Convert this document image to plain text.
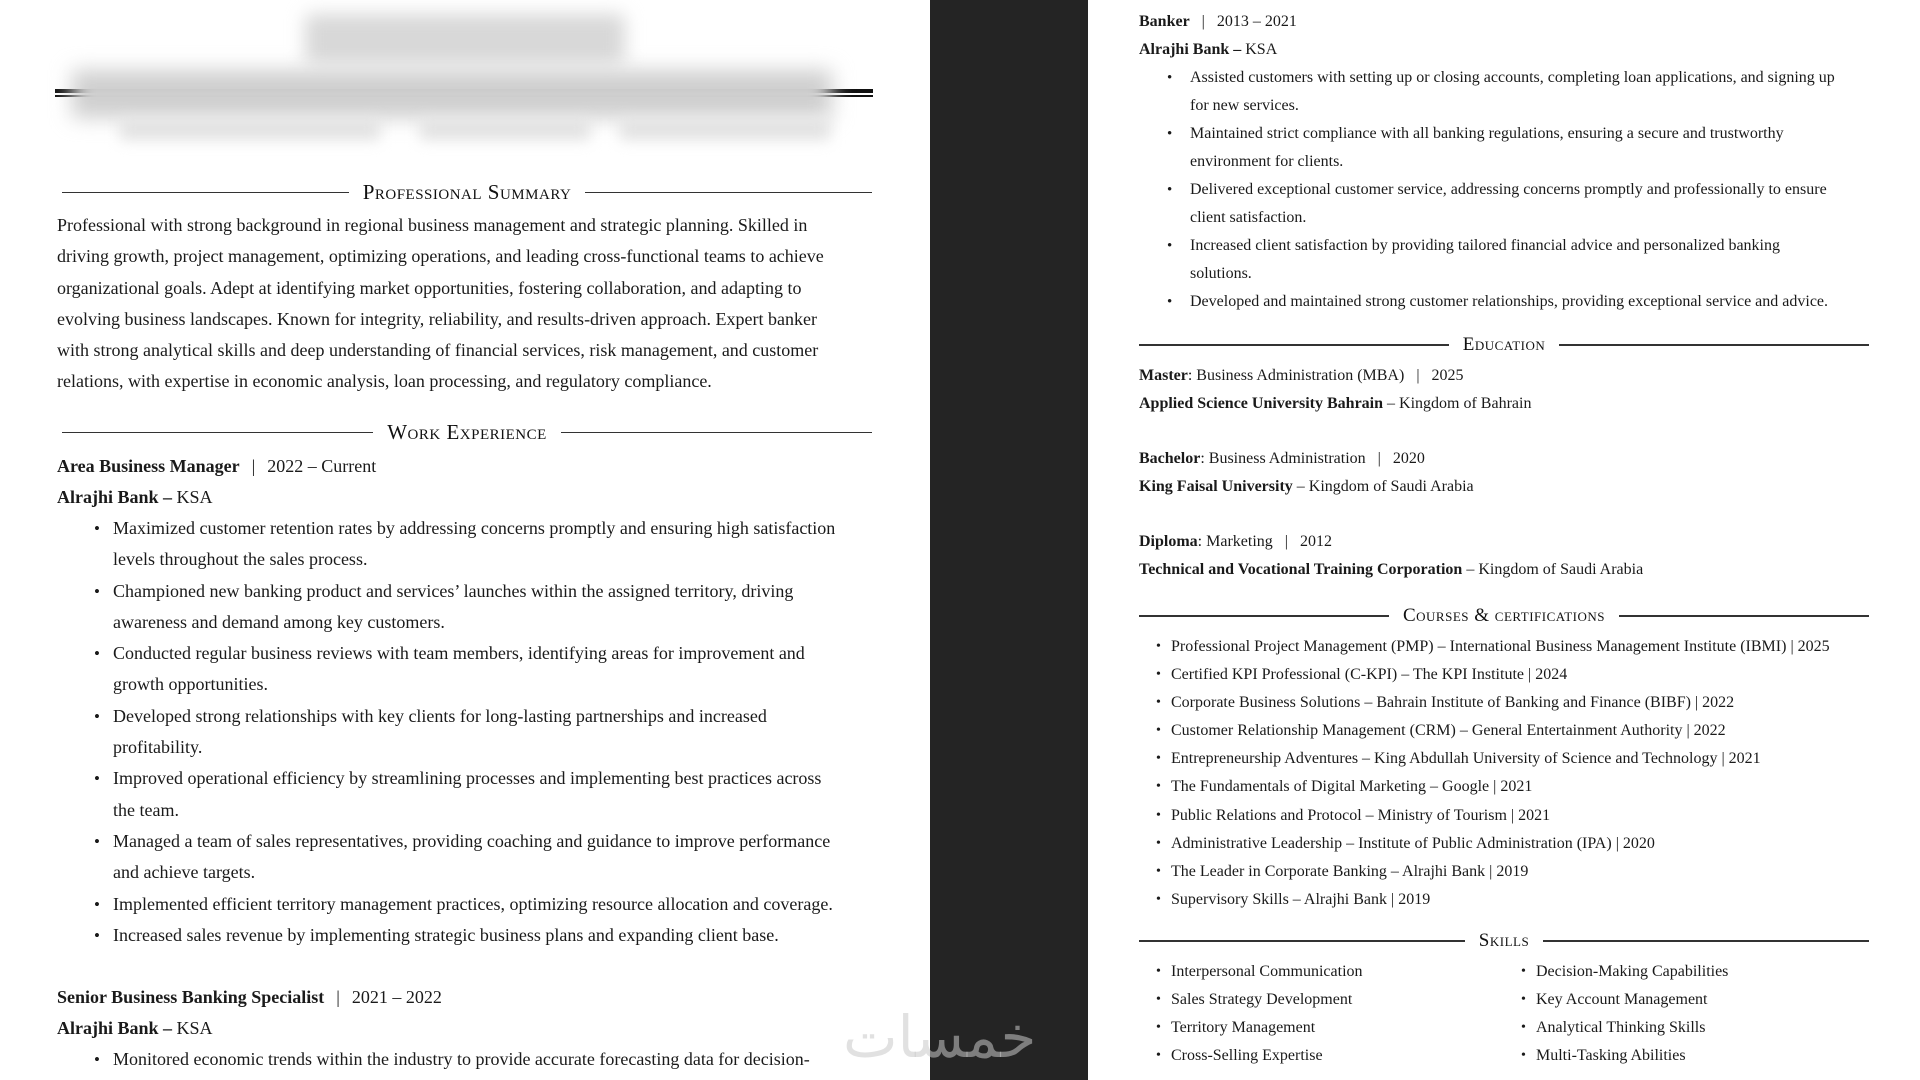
Professional Summary
Professional with strong background in regional business management and strategic planning. Skilled in
driving growth, project management, optimizing operations, and leading cross-functional teams to achieve
organizational goals. Adept at identifying market opportunities, fostering collaboration, and adapting to
evolving business landscapes. Known for integrity, reliability, and results-driven approach. Expert banker
with strong analytical skills and deep understanding of financial services, risk management, and customer
relations, with expertise in economic analysis, loan processing, and regulatory compliance.
Work Experience
Area Business Manager | 2022 – Current
Alrajhi Bank – KSA
• Maximized customer retention rates by addressing concerns promptly and ensuring high satisfaction
levels throughout the sales process.
• Championed new banking product and services’ launches within the assigned territory, driving
awareness and demand among key customers.
• Conducted regular business reviews with team members, identifying areas for improvement and
growth opportunities.
• Developed strong relationships with key clients for long-lasting partnerships and increased
profitability.
• Improved operational efficiency by streamlining processes and implementing best practices across
the team.
• Managed a team of sales representatives, providing coaching and guidance to improve performance
and achieve targets.
• Implemented efficient territory management practices, optimizing resource allocation and coverage.
• Increased sales revenue by implementing strategic business plans and expanding client base.
Senior Business Banking Specialist | 2021 – 2022
Alrajhi Bank – KSA
• Monitored economic trends within the industry to provide accurate forecasting data for decision-
Banker | 2013 – 2021
Alrajhi Bank – KSA
• Assisted customers with setting up or closing accounts, completing loan applications, and signing up
for new services.
• Maintained strict compliance with all banking regulations, ensuring a secure and trustworthy
environment for clients.
• Delivered exceptional customer service, addressing concerns promptly and professionally to ensure
client satisfaction.
• Increased client satisfaction by providing tailored financial advice and personalized banking
solutions.
• Developed and maintained strong customer relationships, providing exceptional service and advice.
Education
Master: Business Administration (MBA) | 2025
Applied Science University Bahrain – Kingdom of Bahrain
Bachelor: Business Administration | 2020
King Faisal University – Kingdom of Saudi Arabia
Diploma: Marketing | 2012
Technical and Vocational Training Corporation – Kingdom of Saudi Arabia
Courses & certifications
• Professional Project Management (PMP) – International Business Management Institute (IBMI) | 2025
• Certified KPI Professional (C-KPI) – The KPI Institute | 2024
• Corporate Business Solutions – Bahrain Institute of Banking and Finance (BIBF) | 2022
• Customer Relationship Management (CRM) – General Entertainment Authority | 2022
• Entrepreneurship Adventures – King Abdullah University of Science and Technology | 2021
• The Fundamentals of Digital Marketing – Google | 2021
• Public Relations and Protocol – Ministry of Tourism | 2021
• Administrative Leadership – Institute of Public Administration (IPA) | 2020
• The Leader in Corporate Banking – Alrajhi Bank | 2019
• Supervisory Skills – Alrajhi Bank | 2019
Skills
• Interpersonal Communication
• Sales Strategy Development
• Territory Management
• Cross-Selling Expertise
• Decision-Making Capabilities
• Key Account Management
• Analytical Thinking Skills
• Multi-Tasking Abilities
خمسات
